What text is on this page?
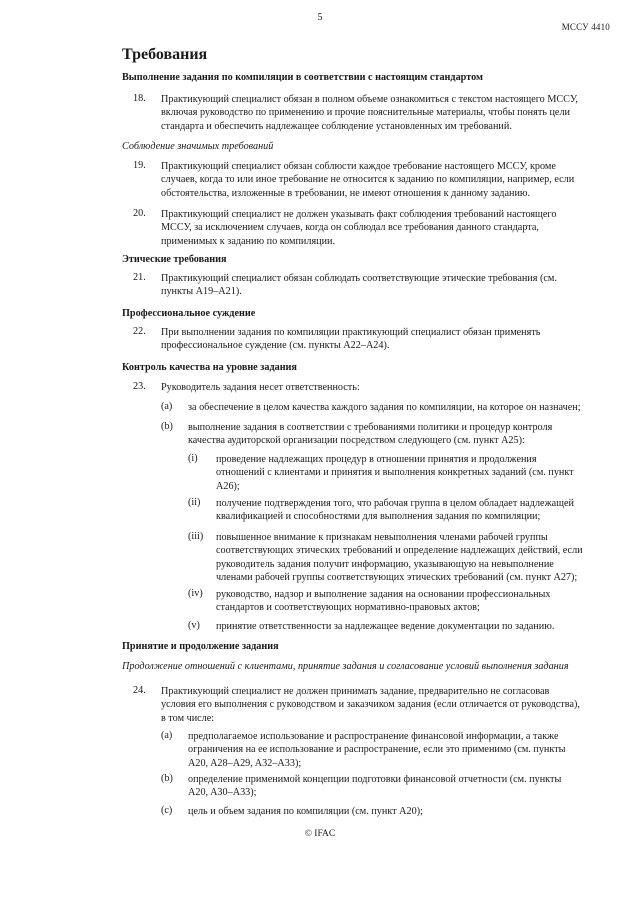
5
МССУ 4410
Требования
Выполнение задания по компиляции в соответствии с настоящим стандартом
18. Практикующий специалист обязан в полном объеме ознакомиться с текстом настоящего МССУ,
включая руководство по применению и прочие пояснительные материалы, чтобы понять цели
стандарта и обеспечить надлежащее соблюдение установленных им требований.
Соблюдение значимых требований
19. Практикующий специалист обязан соблюсти каждое требование настоящего МССУ, кроме
случаев, когда то или иное требование не относится к заданию по компиляции, например, если
обстоятельства, изложенные в требовании, не имеют отношения к данному заданию.
20. Практикующий специалист не должен указывать факт соблюдения требований настоящего
МССУ, за исключением случаев, когда он соблюдал все требования данного стандарта,
применимых к заданию по компиляции.
Этические требования
21. Практикующий специалист обязан соблюдать соответствующие этические требования (см.
пункты A19–A21).
Профессиональное суждение
22. При выполнении задания по компиляции практикующий специалист обязан применять
профессиональное суждение (см. пункты A22–A24).
Контроль качества на уровне задания
23. Руководитель задания несет ответственность:
(a) за обеспечение в целом качества каждого задания по компиляции, на которое он назначен;
(b) выполнение задания в соответствии с требованиями политики и процедур контроля
качества аудиторской организации посредством следующего (см. пункт A25):
(i) проведение надлежащих процедур в отношении принятия и продолжения
отношений с клиентами и принятия и выполнения конкретных заданий (см. пункт
A26);
(ii) получение подтверждения того, что рабочая группа в целом обладает надлежащей
квалификацией и способностями для выполнения задания по компиляции;
(iii) повышенное внимание к признакам невыполнения членами рабочей группы
соответствующих этических требований и определение надлежащих действий, если
руководитель задания получит информацию, указывающую на невыполнение
членами рабочей группы соответствующих этических требований (см. пункт A27);
(iv) руководство, надзор и выполнение задания на основании профессиональных
стандартов и соответствующих нормативно-правовых актов;
(v) принятие ответственности за надлежащее ведение документации по заданию.
Принятие и продолжение задания
Продолжение отношений с клиентами, принятие задания и согласование условий выполнения задания
24. Практикующий специалист не должен принимать задание, предварительно не согласовав
условия его выполнения с руководством и заказчиком задания (если отличается от руководства),
в том числе:
(a) предполагаемое использование и распространение финансовой информации, а также
ограничения на ее использование и распространение, если это применимо (см. пункты
A20, A28–A29, A32–A33);
(b) определение применимой концепции подготовки финансовой отчетности (см. пункты
A20, A30–A33);
(c) цель и объем задания по компиляции (см. пункт A20);
© IFAC
